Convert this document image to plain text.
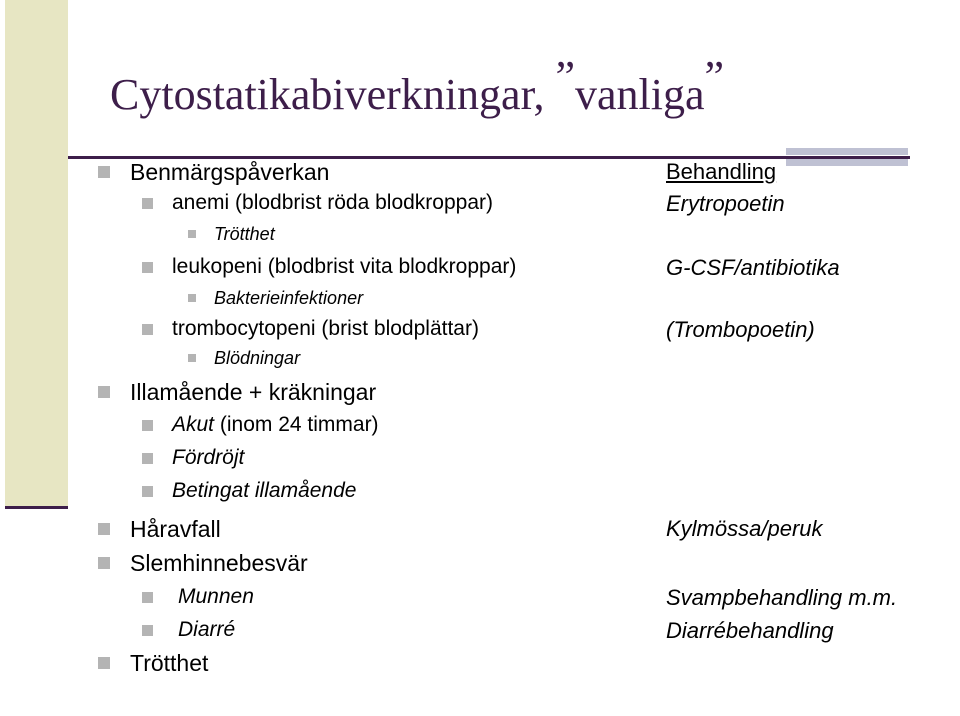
Cytostatikabiverkningar, ”vanliga”
Benmärgspåverkan
anemi (blodbrist röda blodkroppar)
Trötthet
leukopeni (blodbrist vita blodkroppar)
Bakterieinfektioner
trombocytopeni (brist blodplättar)
Blödningar
Illamående + kräkningar
Akut (inom 24 timmar)
Fördröjt
Betingat illamående
Håravfall
Slemhinnebesvär
Munnen
Diarré
Trötthet
Behandling
Erytropoetin
G-CSF/antibiotika
(Trombopoetin)
Kylmössa/peruk
Svampbehandling m.m.
Diarrébehandling
